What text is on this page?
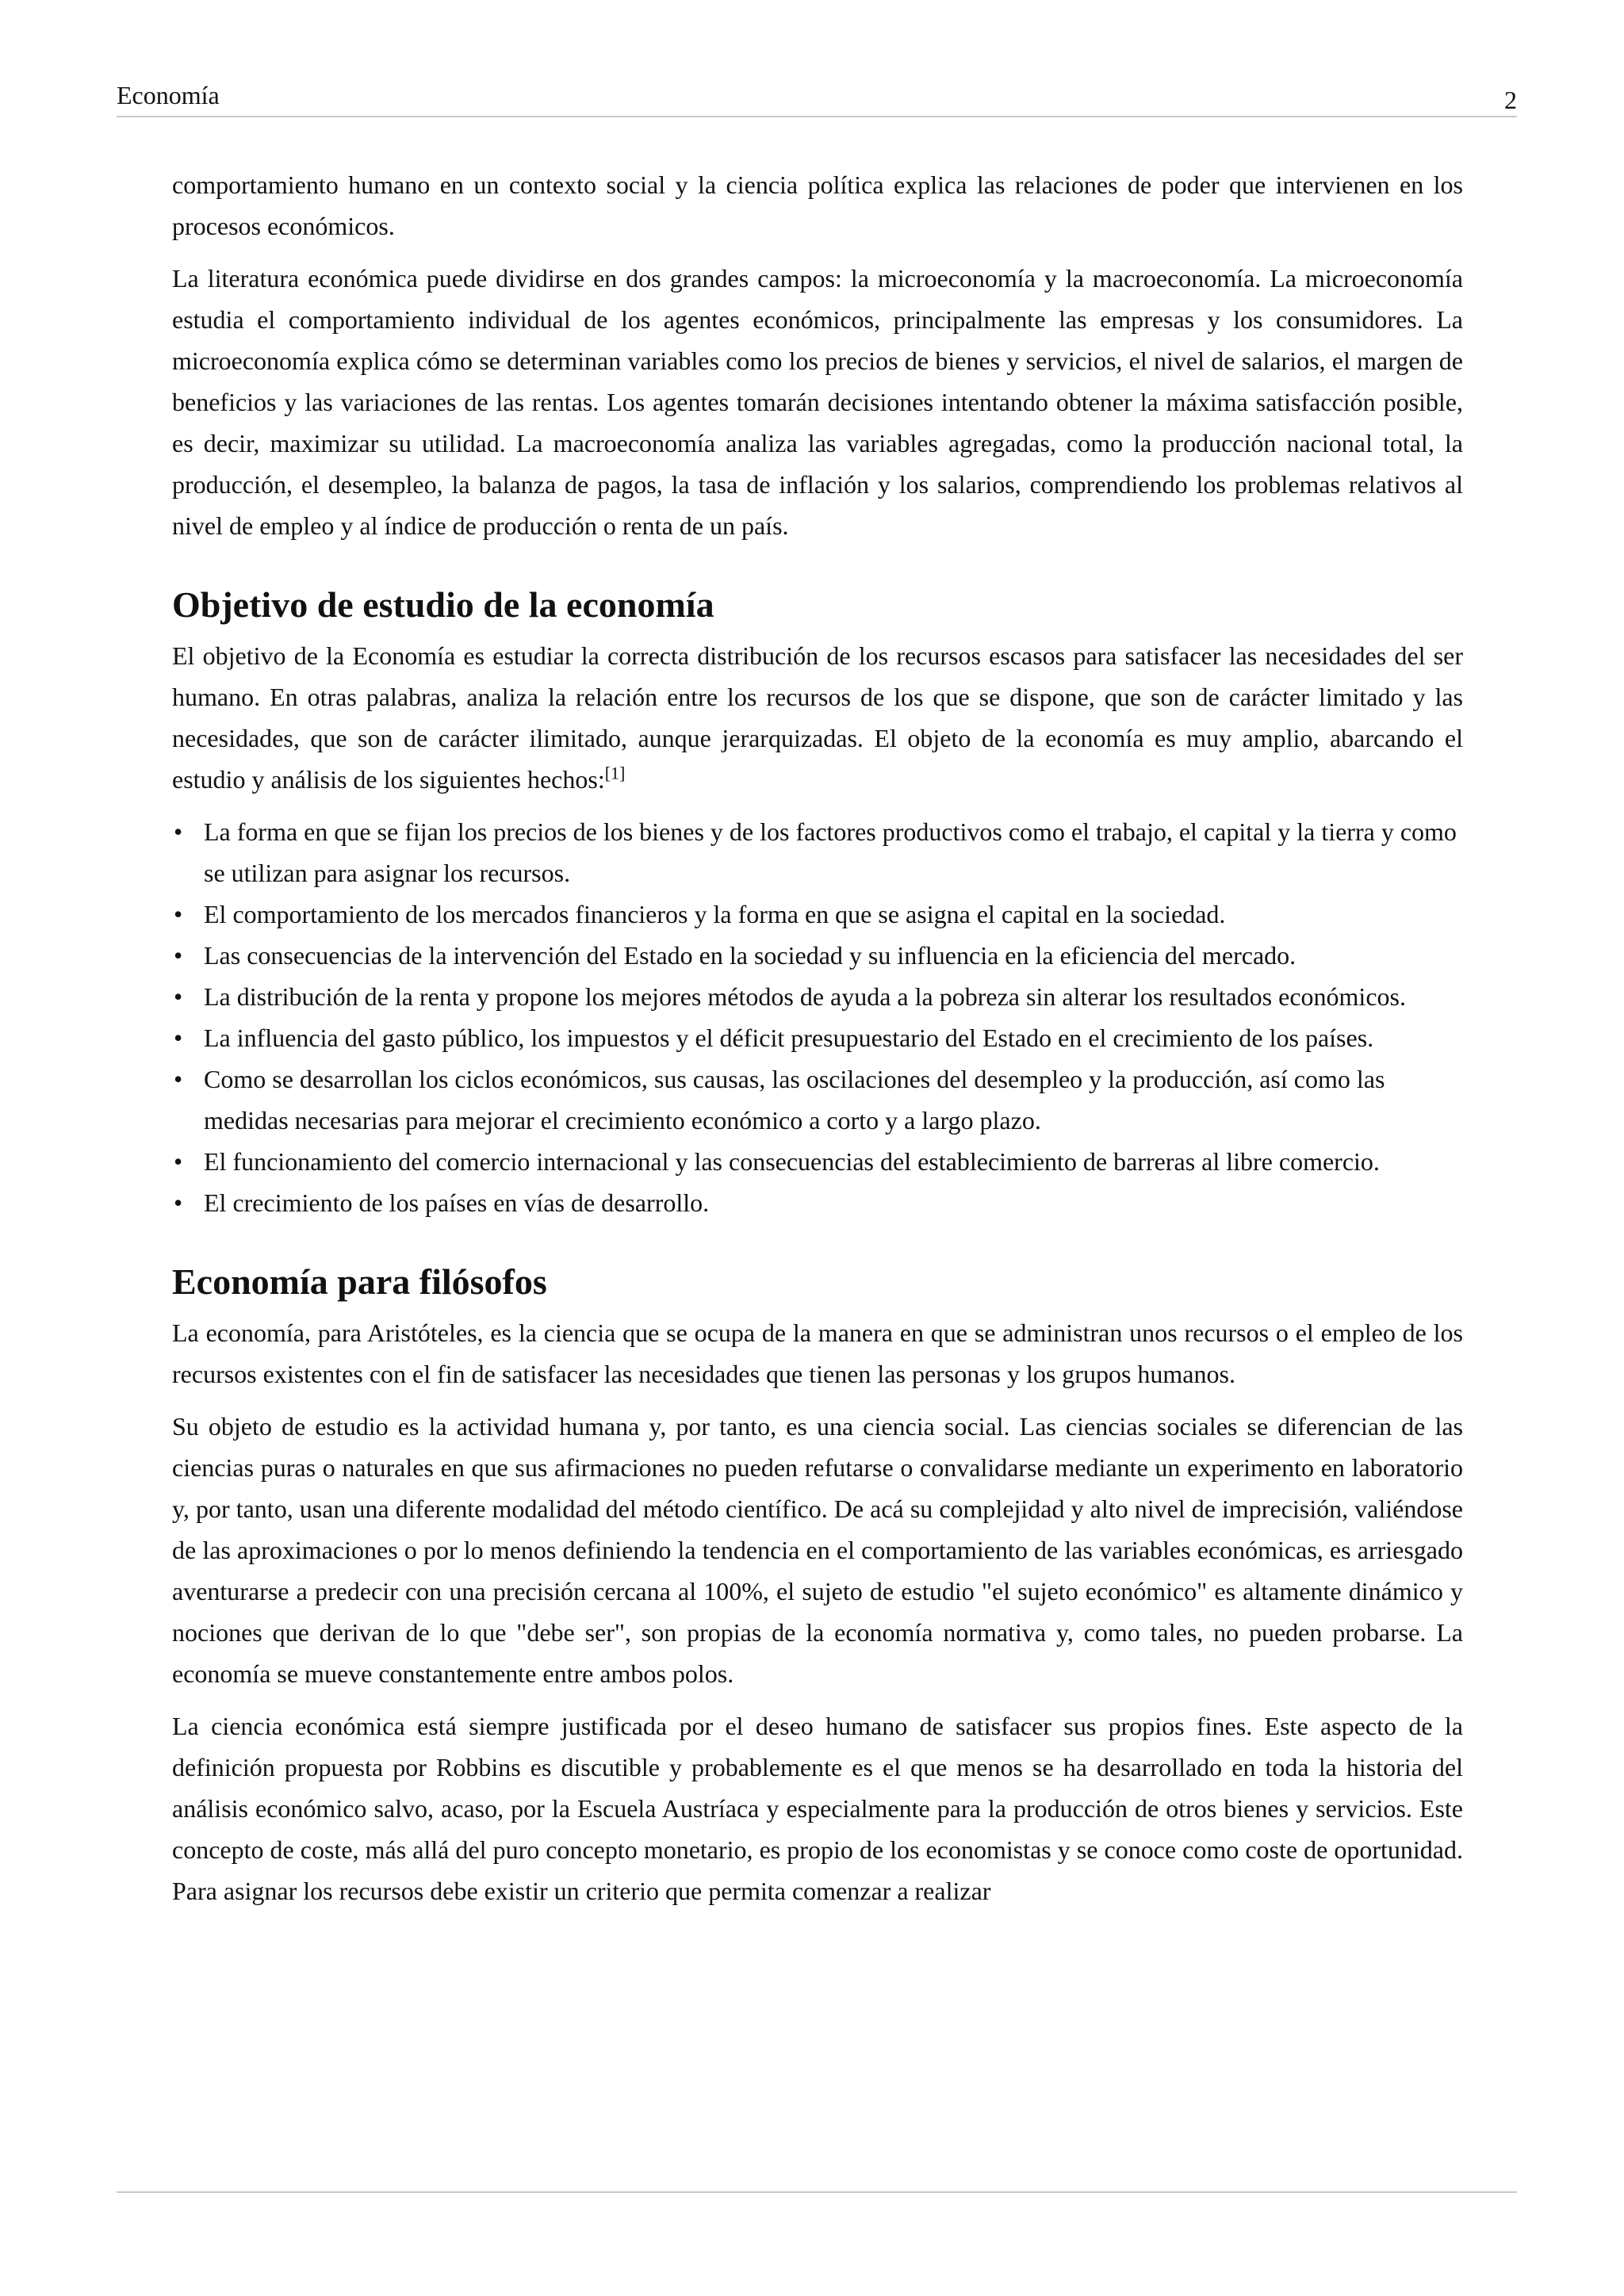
Economía	2

comportamiento humano en un contexto social y la ciencia política explica las relaciones de poder que intervienen en los procesos económicos.

La literatura económica puede dividirse en dos grandes campos: la microeconomía y la macroeconomía. La microeconomía estudia el comportamiento individual de los agentes económicos, principalmente las empresas y los consumidores. La microeconomía explica cómo se determinan variables como los precios de bienes y servicios, el nivel de salarios, el margen de beneficios y las variaciones de las rentas. Los agentes tomarán decisiones intentando obtener la máxima satisfacción posible, es decir, maximizar su utilidad. La macroeconomía analiza las variables agregadas, como la producción nacional total, la producción, el desempleo, la balanza de pagos, la tasa de inflación y los salarios, comprendiendo los problemas relativos al nivel de empleo y al índice de producción o renta de un país.

Objetivo de estudio de la economía

El objetivo de la Economía es estudiar la correcta distribución de los recursos escasos para satisfacer las necesidades del ser humano. En otras palabras, analiza la relación entre los recursos de los que se dispone, que son de carácter limitado y las necesidades, que son de carácter ilimitado, aunque jerarquizadas. El objeto de la economía es muy amplio, abarcando el estudio y análisis de los siguientes hechos:[1]

• La forma en que se fijan los precios de los bienes y de los factores productivos como el trabajo, el capital y la tierra y como se utilizan para asignar los recursos.
• El comportamiento de los mercados financieros y la forma en que se asigna el capital en la sociedad.
• Las consecuencias de la intervención del Estado en la sociedad y su influencia en la eficiencia del mercado.
• La distribución de la renta y propone los mejores métodos de ayuda a la pobreza sin alterar los resultados económicos.
• La influencia del gasto público, los impuestos y el déficit presupuestario del Estado en el crecimiento de los países.
• Como se desarrollan los ciclos económicos, sus causas, las oscilaciones del desempleo y la producción, así como las medidas necesarias para mejorar el crecimiento económico a corto y a largo plazo.
• El funcionamiento del comercio internacional y las consecuencias del establecimiento de barreras al libre comercio.
• El crecimiento de los países en vías de desarrollo.
Economía para filósofos

La economía, para Aristóteles, es la ciencia que se ocupa de la manera en que se administran unos recursos o el empleo de los recursos existentes con el fin de satisfacer las necesidades que tienen las personas y los grupos humanos.

Su objeto de estudio es la actividad humana y, por tanto, es una ciencia social. Las ciencias sociales se diferencian de las ciencias puras o naturales en que sus afirmaciones no pueden refutarse o convalidarse mediante un experimento en laboratorio y, por tanto, usan una diferente modalidad del método científico. De acá su complejidad y alto nivel de imprecisión, valiéndose de las aproximaciones o por lo menos definiendo la tendencia en el comportamiento de las variables económicas, es arriesgado aventurarse a predecir con una precisión cercana al 100%, el sujeto de estudio "el sujeto económico" es altamente dinámico y nociones que derivan de lo que "debe ser", son propias de la economía normativa y, como tales, no pueden probarse. La economía se mueve constantemente entre ambos polos.

La ciencia económica está siempre justificada por el deseo humano de satisfacer sus propios fines. Este aspecto de la definición propuesta por Robbins es discutible y probablemente es el que menos se ha desarrollado en toda la historia del análisis económico salvo, acaso, por la Escuela Austríaca y especialmente para la producción de otros bienes y servicios. Este concepto de coste, más allá del puro concepto monetario, es propio de los economistas y se conoce como coste de oportunidad. Para asignar los recursos debe existir un criterio que permita comenzar a realizar
